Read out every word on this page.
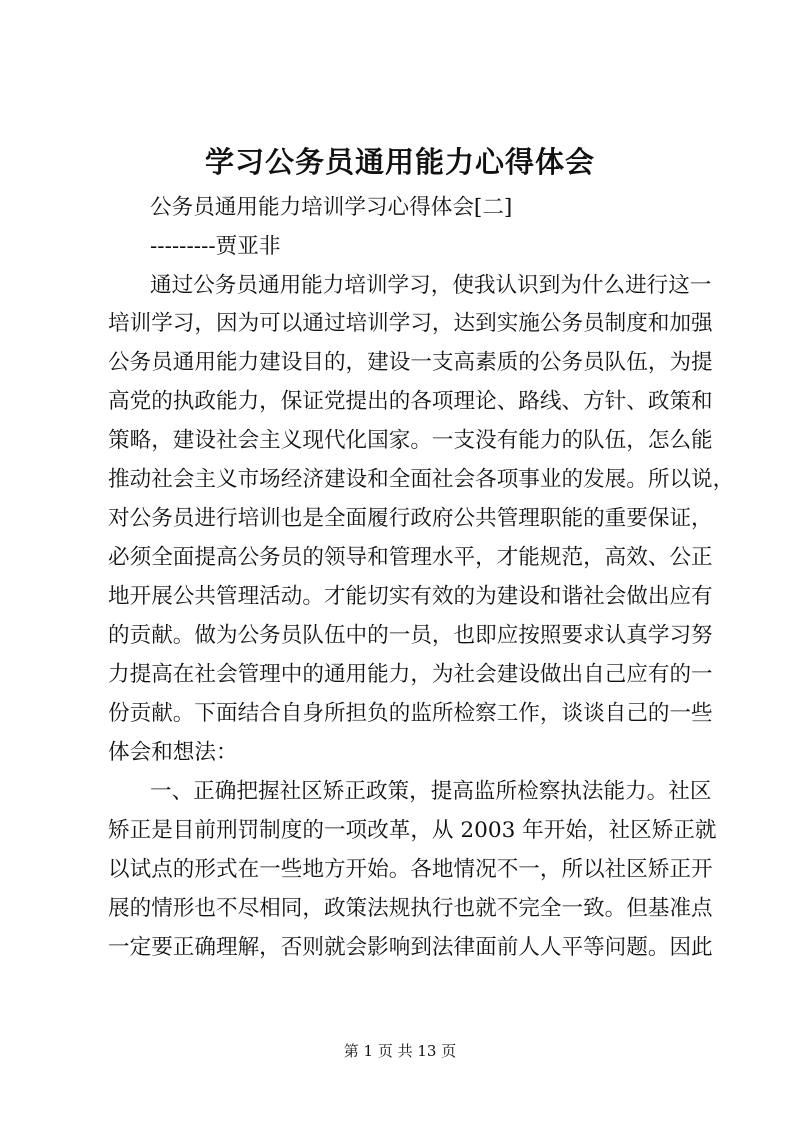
学习公务员通用能力心得体会

公务员通用能力培训学习心得体会[二]

---------贾亚非

通过公务员通用能力培训学习，使我认识到为什么进行这一

培训学习，因为可以通过培训学习，达到实施公务员制度和加强

公务员通用能力建设目的，建设一支高素质的公务员队伍，为提

高党的执政能力，保证党提出的各项理论、路线、方针、政策和

策略，建设社会主义现代化国家。一支没有能力的队伍，怎么能

推动社会主义市场经济建设和全面社会各项事业的发展。所以说，

对公务员进行培训也是全面履行政府公共管理职能的重要保证，

必须全面提高公务员的领导和管理水平，才能规范，高效、公正

地开展公共管理活动。才能切实有效的为建设和谐社会做出应有

的贡献。做为公务员队伍中的一员，也即应按照要求认真学习努

力提高在社会管理中的通用能力，为社会建设做出自己应有的一

份贡献。下面结合自身所担负的监所检察工作，谈谈自己的一些

体会和想法：

一、正确把握社区矫正政策，提高监所检察执法能力。社区

矫正是目前刑罚制度的一项改革，从 2003 年开始，社区矫正就

以试点的形式在一些地方开始。各地情况不一，所以社区矫正开

展的情形也不尽相同，政策法规执行也就不完全一致。但基准点

一定要正确理解，否则就会影响到法律面前人人平等问题。因此

第 1 页 共 13 页
